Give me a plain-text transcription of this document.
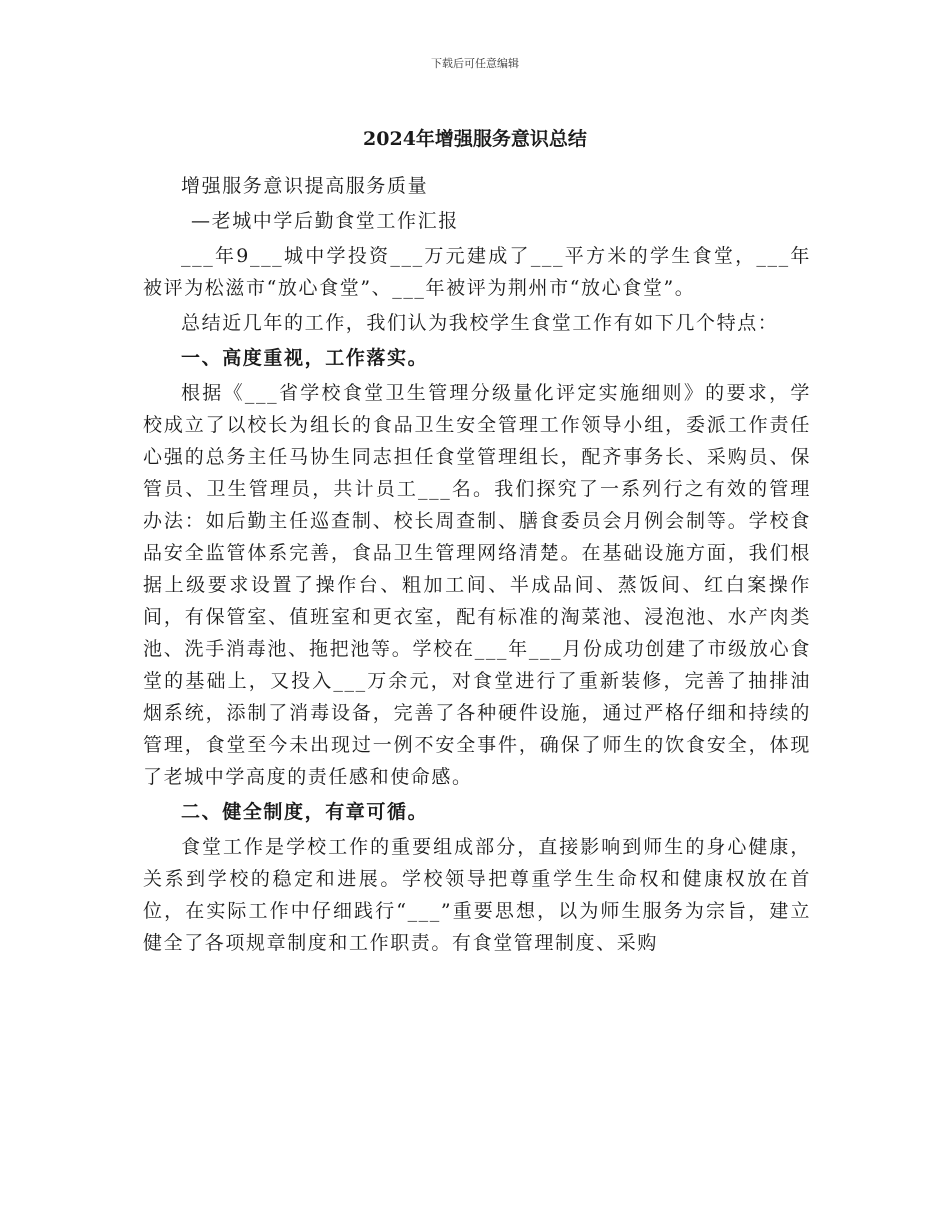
下载后可任意编辑
2024年增强服务意识总结

增强服务意识提高服务质量

—老城中学后勤食堂工作汇报

___年9___城中学投资___万元建成了___平方米的学生食堂，___年被评为松滋市“放心食堂”、___年被评为荆州市“放心食堂”。

总结近几年的工作，我们认为我校学生食堂工作有如下几个特点：

一、高度重视，工作落实。

根据《___省学校食堂卫生管理分级量化评定实施细则》的要求，学校成立了以校长为组长的食品卫生安全管理工作领导小组，委派工作责任心强的总务主任马协生同志担任食堂管理组长，配齐事务长、采购员、保管员、卫生管理员，共计员工___名。我们探究了一系列行之有效的管理办法：如后勤主任巡查制、校长周查制、膳食委员会月例会制等。学校食品安全监管体系完善，食品卫生管理网络清楚。在基础设施方面，我们根据上级要求设置了操作台、粗加工间、半成品间、蒸饭间、红白案操作间，有保管室、值班室和更衣室，配有标准的淘菜池、浸泡池、水产肉类池、洗手消毒池、拖把池等。学校在___年___月份成功创建了市级放心食堂的基础上，又投入___万余元，对食堂进行了重新装修，完善了抽排油烟系统，添制了消毒设备，完善了各种硬件设施，通过严格仔细和持续的管理，食堂至今未出现过一例不安全事件，确保了师生的饮食安全，体现了老城中学高度的责任感和使命感。

二、健全制度，有章可循。

食堂工作是学校工作的重要组成部分，直接影响到师生的身心健康，关系到学校的稳定和进展。学校领导把尊重学生生命权和健康权放在首位，在实际工作中仔细践行“___”重要思想，以为师生服务为宗旨，建立健全了各项规章制度和工作职责。有食堂管理制度、采购
